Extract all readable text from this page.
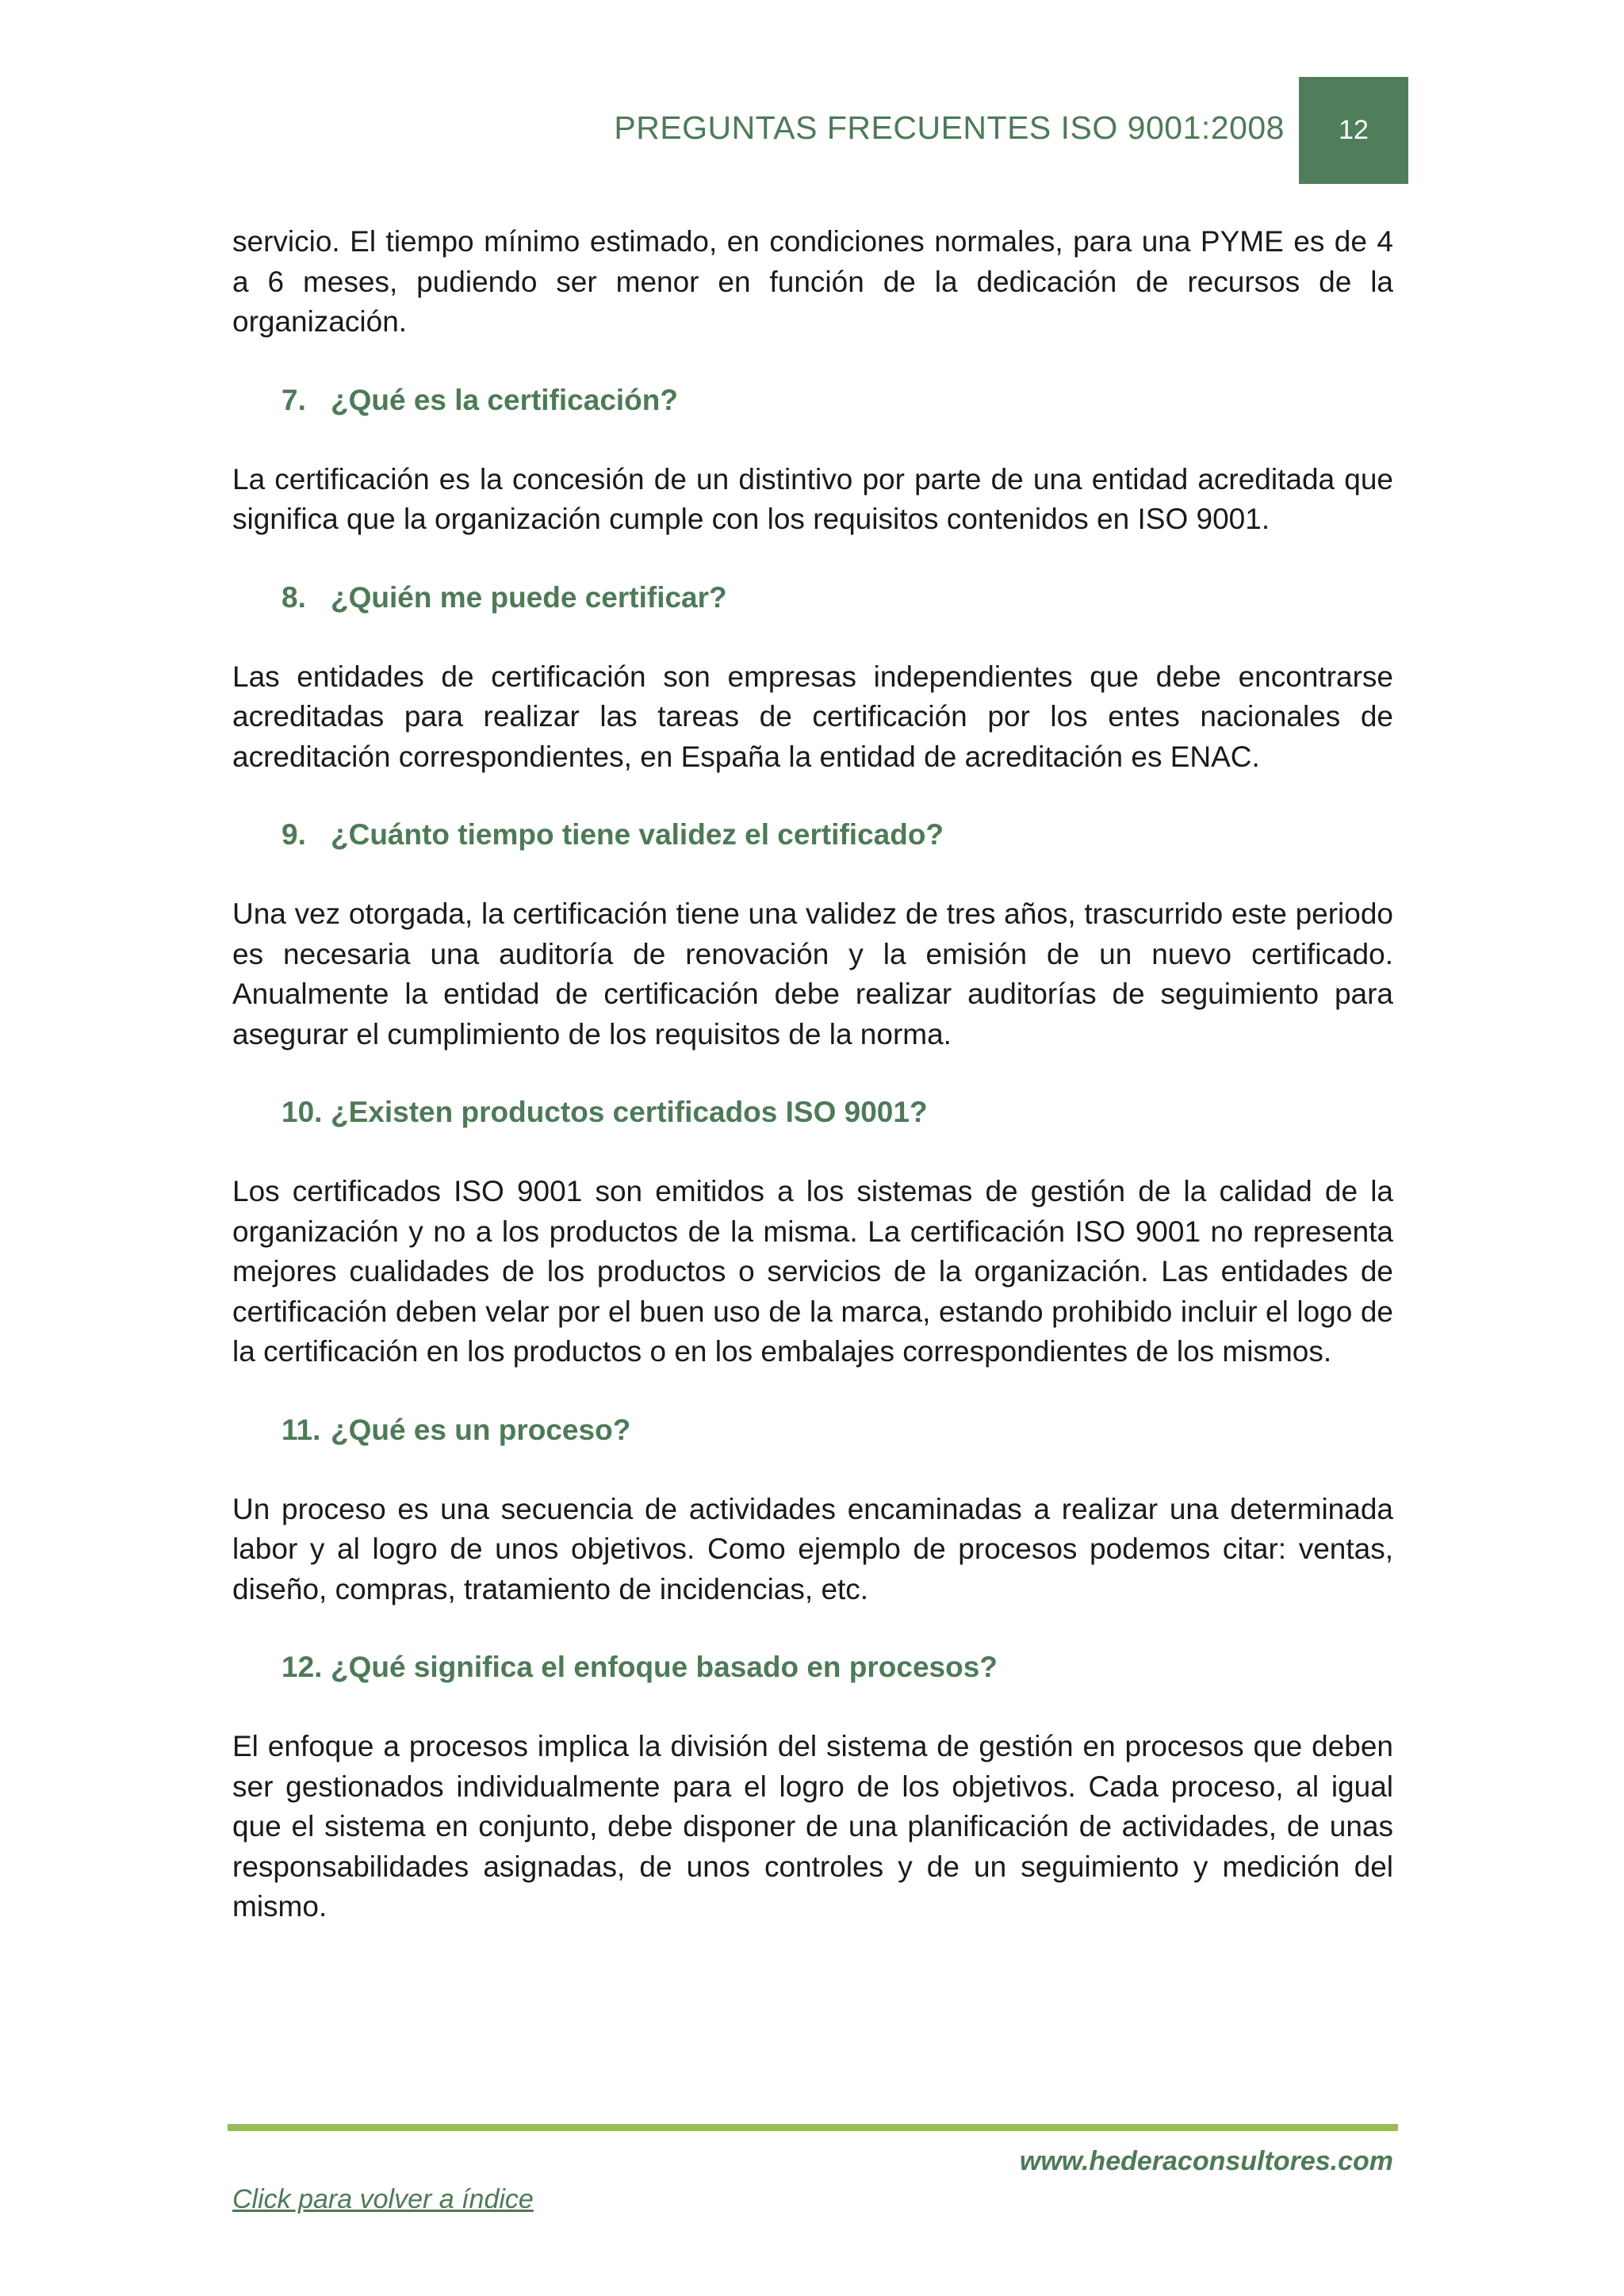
PREGUNTAS FRECUENTES ISO 9001:2008 12

servicio. El tiempo mínimo estimado, en condiciones normales, para una PYME es de 4 a 6 meses, pudiendo ser menor en función de la dedicación de recursos de la organización.

7. ¿Qué es la certificación?

La certificación es la concesión de un distintivo por parte de una entidad acreditada que significa que la organización cumple con los requisitos contenidos en ISO 9001.

8. ¿Quién me puede certificar?

Las entidades de certificación son empresas independientes que debe encontrarse acreditadas para realizar las tareas de certificación por los entes nacionales de acreditación correspondientes, en España la entidad de acreditación es ENAC.

9. ¿Cuánto tiempo tiene validez el certificado?

Una vez otorgada, la certificación tiene una validez de tres años, trascurrido este periodo es necesaria una auditoría de renovación y la emisión de un nuevo certificado. Anualmente la entidad de certificación debe realizar auditorías de seguimiento para asegurar el cumplimiento de los requisitos de la norma.

10. ¿Existen productos certificados ISO 9001?

Los certificados ISO 9001 son emitidos a los sistemas de gestión de la calidad de la organización y no a los productos de la misma. La certificación ISO 9001 no representa mejores cualidades de los productos o servicios de la organización. Las entidades de certificación deben velar por el buen uso de la marca, estando prohibido incluir el logo de la certificación en los productos o en los embalajes correspondientes de los mismos.

11. ¿Qué es un proceso?

Un proceso es una secuencia de actividades encaminadas a realizar una determinada labor y al logro de unos objetivos. Como ejemplo de procesos podemos citar: ventas, diseño, compras, tratamiento de incidencias, etc.

12. ¿Qué significa el enfoque basado en procesos?

El enfoque a procesos implica la división del sistema de gestión en procesos que deben ser gestionados individualmente para el logro de los objetivos. Cada proceso, al igual que el sistema en conjunto, debe disponer de una planificación de actividades, de unas responsabilidades asignadas, de unos controles y de un seguimiento y medición del mismo.

www.hederaconsultores.com
Click para volver a índice
